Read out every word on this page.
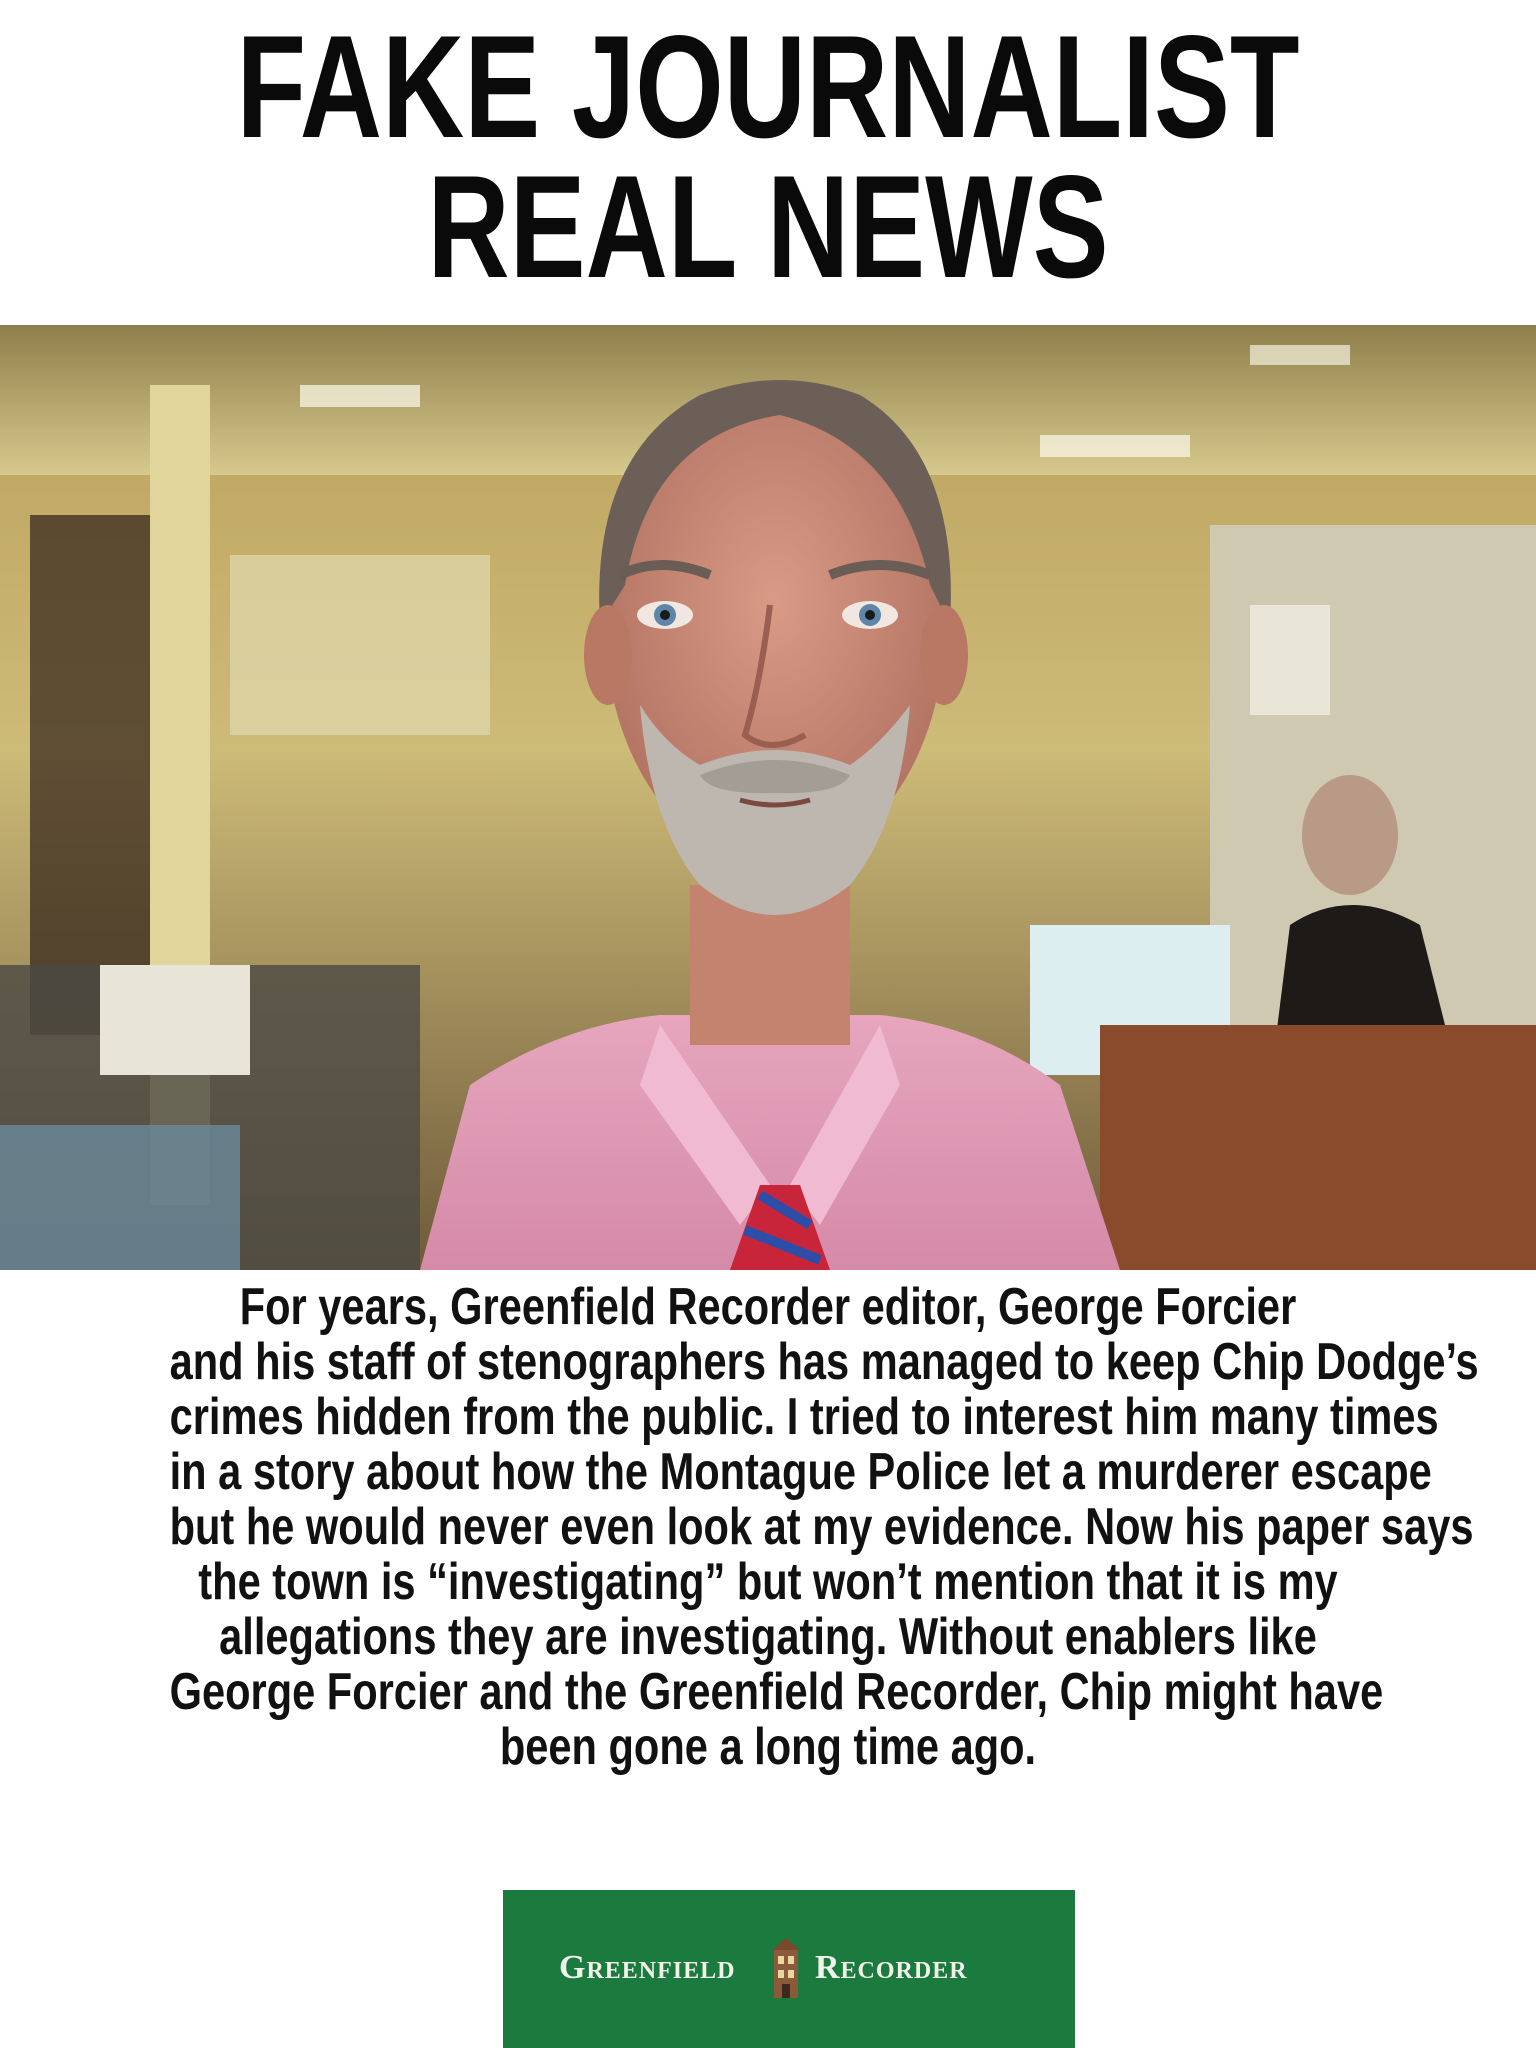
FAKE JOURNALIST
REAL NEWS
For years, Greenfield Recorder editor, George Forcier
and his staff of stenographers has managed to keep Chip Dodge’s
crimes hidden from the public. I tried to interest him many times
in a story about how the Montague Police let a murderer escape
but he would never even look at my evidence. Now his paper says
the town is “investigating” but won’t mention that it is my
allegations they are investigating. Without enablers like
George Forcier and the Greenfield Recorder, Chip might have
been gone a long time ago.
Greenfield Recorder
